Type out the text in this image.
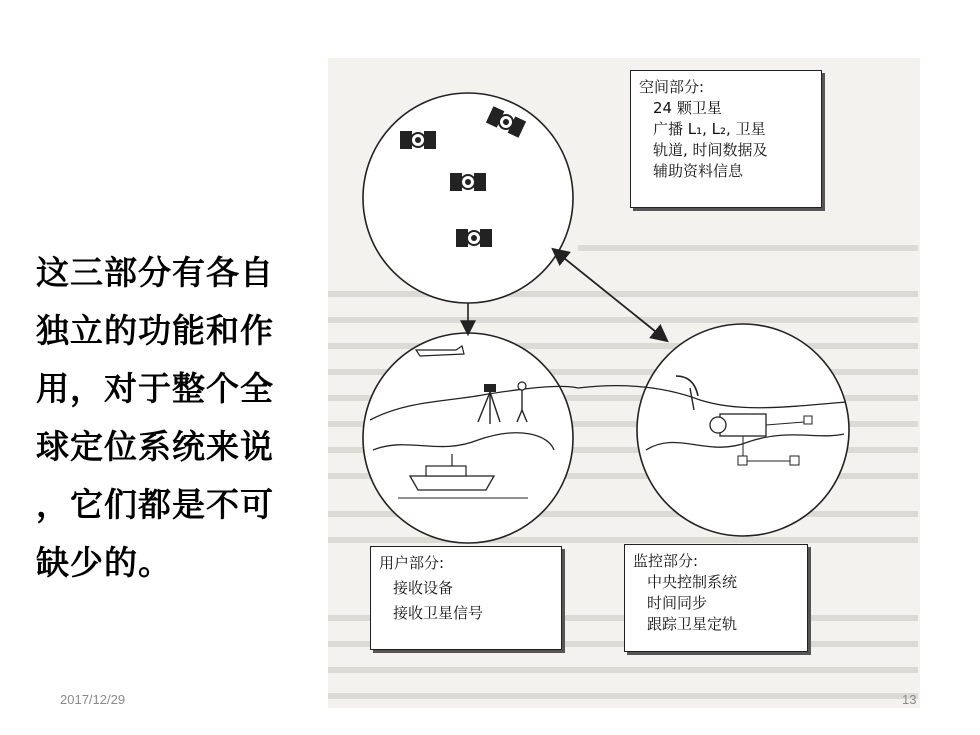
这三部分有各自
独立的功能和作
用，对于整个全
球定位系统来说
，它们都是不可
缺少的。
空间部分:
24 颗卫星
广播 L₁, L₂, 卫星
轨道, 时间数据及
辅助资料信息
用户部分:
接收设备
接收卫星信号
监控部分:
中央控制系统
时间同步
跟踪卫星定轨
2017/12/29	13
